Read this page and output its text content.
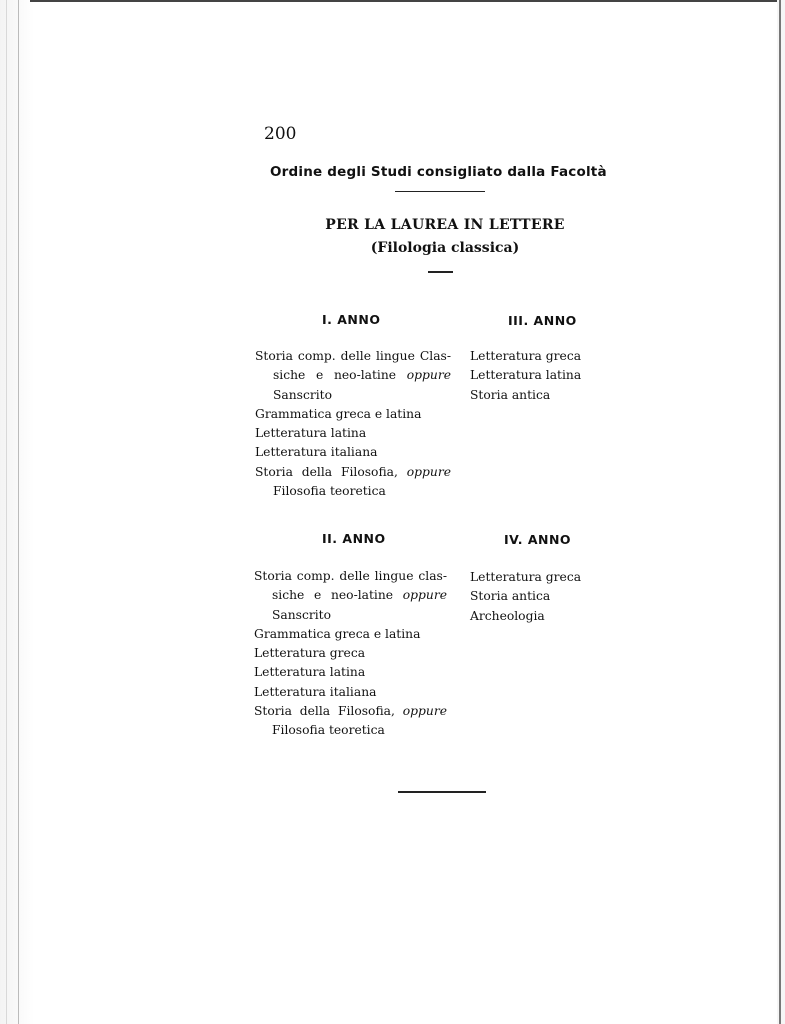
200
Ordine degli Studi consigliato dalla Facoltà
PER LA LAUREA IN LETTERE
(Filologia classica)
I. ANNO
Storia comp. delle lingue Clas-
siche e neo-latine oppure
Sanscrito
Grammatica greca e latina
Letteratura latina
Letteratura italiana
Storia della Filosofia, oppure
Filosofia teoretica
III. ANNO
Letteratura greca
Letteratura latina
Storia antica
II. ANNO
Storia comp. delle lingue clas-
siche e neo-latine oppure
Sanscrito
Grammatica greca e latina
Letteratura greca
Letteratura latina
Letteratura italiana
Storia della Filosofia, oppure
Filosofia teoretica
IV. ANNO
Letteratura greca
Storia antica
Archeologia
